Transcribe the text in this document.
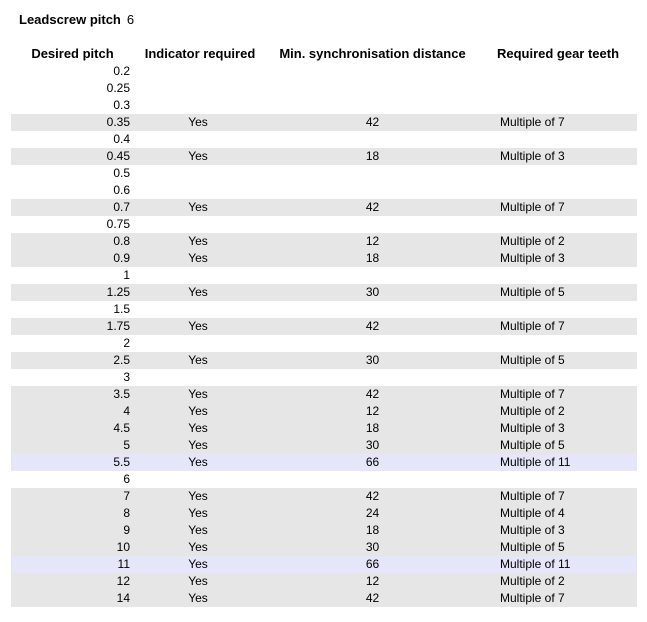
Leadscrew pitch 6
Desired pitch	Indicator required	Min. synchronisation distance	Required gear teeth
0.2			
0.25			
0.3			
0.35	Yes	42	Multiple of 7
0.4			
0.45	Yes	18	Multiple of 3
0.5			
0.6			
0.7	Yes	42	Multiple of 7
0.75			
0.8	Yes	12	Multiple of 2
0.9	Yes	18	Multiple of 3
1			
1.25	Yes	30	Multiple of 5
1.5			
1.75	Yes	42	Multiple of 7
2			
2.5	Yes	30	Multiple of 5
3			
3.5	Yes	42	Multiple of 7
4	Yes	12	Multiple of 2
4.5	Yes	18	Multiple of 3
5	Yes	30	Multiple of 5
5.5	Yes	66	Multiple of 11
6			
7	Yes	42	Multiple of 7
8	Yes	24	Multiple of 4
9	Yes	18	Multiple of 3
10	Yes	30	Multiple of 5
11	Yes	66	Multiple of 11
12	Yes	12	Multiple of 2
14	Yes	42	Multiple of 7
